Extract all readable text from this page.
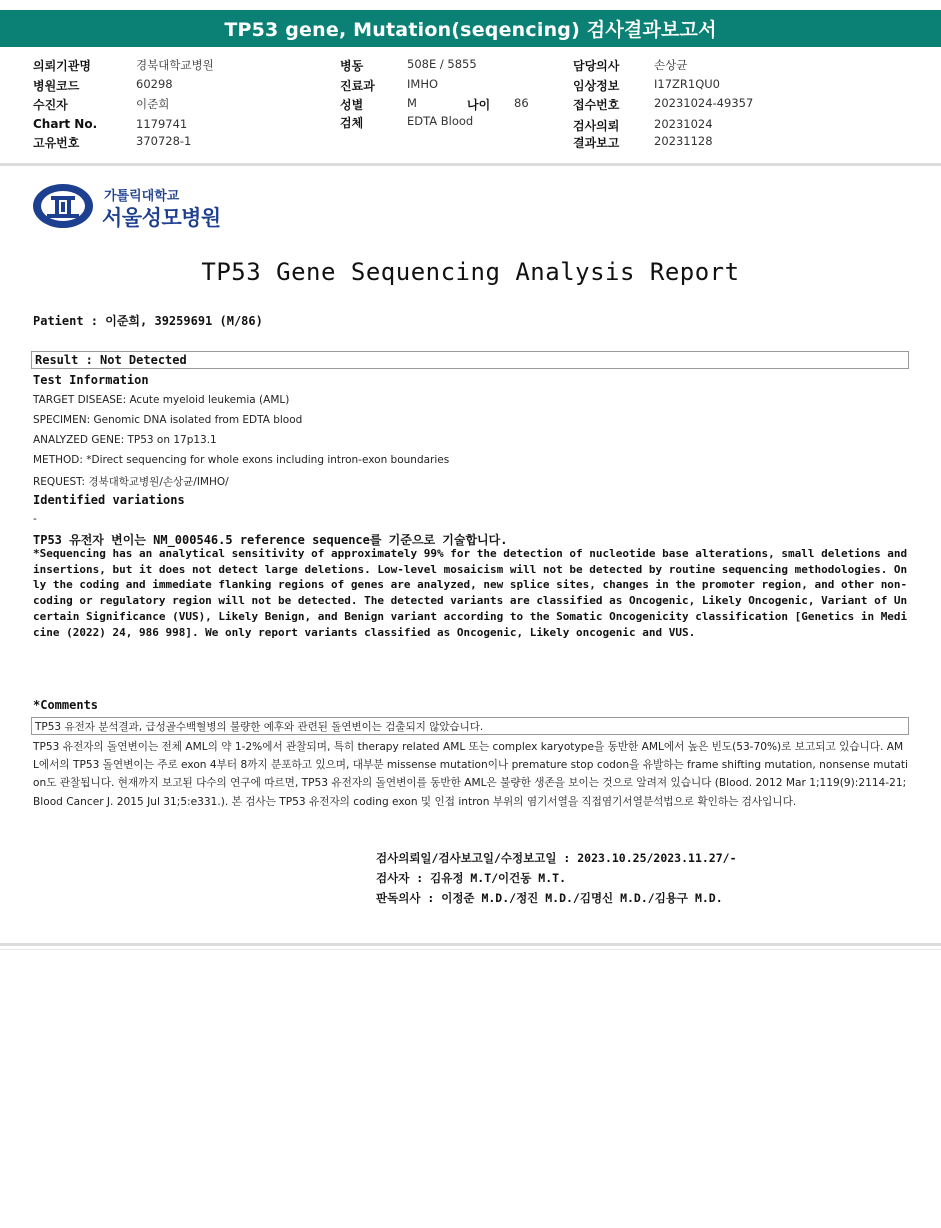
TP53 gene, Mutation(seqencing) 검사결과보고서
의뢰기관명	경북대학교병원
병원코드	60298
수진자	이준희
Chart No.	1179741
고유번호	370728-1
병동	508E / 5855
진료과	IMHO
성별	M	나이 86
검체	EDTA Blood
담당의사	손상균
임상정보	I17ZR1QU0
접수번호	20231024-49357
검사의뢰	20231024
결과보고	20231128
가톨릭대학교
서울성모병원
TP53 Gene Sequencing Analysis Report
Patient : 이준희, 39259691 (M/86)
Result : Not Detected
Test Information
TARGET DISEASE: Acute myeloid leukemia (AML)
SPECIMEN: Genomic DNA isolated from EDTA blood
ANALYZED GENE: TP53 on 17p13.1
METHOD: *Direct sequencing for whole exons including intron-exon boundaries
REQUEST: 경북대학교병원/손상균/IMHO/
Identified variations
-
TP53 유전자 변이는 NM_000546.5 reference sequence를 기준으로 기술합니다.
*Sequencing has an analytical sensitivity of approximately 99% for the detection of nucleotide base alterations, small deletions and insertions, but it does not detect large deletions. Low-level mosaicism will not be detected by routine sequencing methodologies. Only the coding and immediate flanking regions of genes are analyzed, new splice sites, changes in the promoter region, and other non-coding or regulatory region will not be detected. The detected variants are classified as Oncogenic, Likely Oncogenic, Variant of Uncertain Significance (VUS), Likely Benign, and Benign variant according to the Somatic Oncogenicity classification [Genetics in Medicine (2022) 24, 986 998]. We only report variants classified as Oncogenic, Likely oncogenic and VUS.
*Comments
TP53 유전자 분석결과, 급성골수백혈병의 불량한 예후와 관련된 돌연변이는 검출되지 않았습니다.
TP53 유전자의 돌연변이는 전체 AML의 약 1-2%에서 관찰되며, 특히 therapy related AML 또는 complex karyotype을 동반한 AML에서 높은 빈도(53-70%)로 보고되고 있습니다. AML에서의 TP53 돌연변이는 주로 exon 4부터 8까지 분포하고 있으며, 대부분 missense mutation이나 premature stop codon을 유발하는 frame shifting mutation, nonsense mutation도 관찰됩니다. 현재까지 보고된 다수의 연구에 따르면, TP53 유전자의 돌연변이를 동반한 AML은 불량한 생존을 보이는 것으로 알려져 있습니다 (Blood. 2012 Mar 1;119(9):2114-21; Blood Cancer J. 2015 Jul 31;5:e331.). 본 검사는 TP53 유전자의 coding exon 및 인접 intron 부위의 염기서열을 직접염기서열분석법으로 확인하는 검사입니다.
검사의뢰일/검사보고일/수정보고일 : 2023.10.25/2023.11.27/-
검사자 : 김유정 M.T/이건동 M.T.
판독의사 : 이정준 M.D./정진 M.D./김명신 M.D./김용구 M.D.
